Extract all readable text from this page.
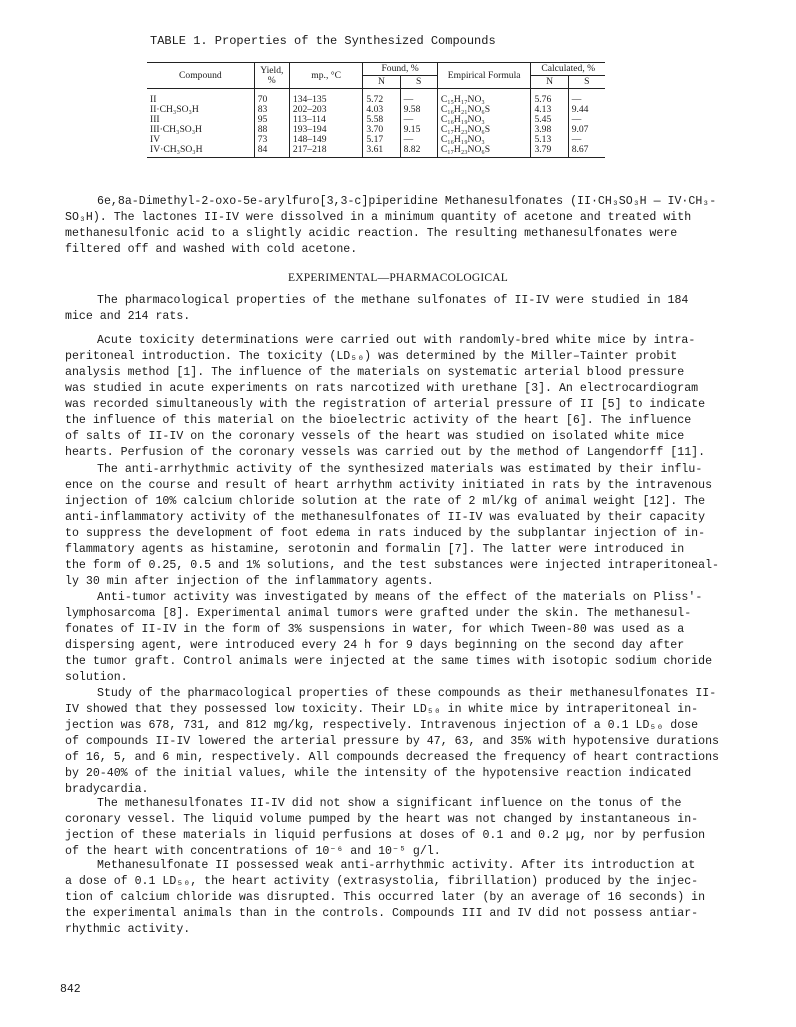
TABLE 1. Properties of the Synthesized Compounds
Compound	Yield, %	mp., °C	Found, %		Empirical Formula	Calculated, %	
			N	S		N	S
II	70	134–135	5.72	—	C₁₅H₁₇NO₃	5.76	—
II·CH₃SO₃H	83	202–203	4.03	9.58	C₁₆H₂₁NO₆S	4.13	9.44
III	95	113–114	5.58	—	C₁₆H₁₉NO₃	5.45	—
III·CH₃SO₃H	88	193–194	3.70	9.15	C₁₇H₂₃NO₆S	3.98	9.07
IV	73	148–149	5.17	—	C₁₆H₁₉NO₃	5.13	—
IV·CH₃SO₃H	84	217–218	3.61	8.82	C₁₇H₂₃NO₆S	3.79	8.67

6e,8a-Dimethyl-2-oxo-5e-arylfuro[3,3-c]piperidine Methanesulfonates (II·CH₃SO₃H — IV·CH₃-

SO₃H). The lactones II-IV were dissolved in a minimum quantity of acetone and treated with

methanesulfonic acid to a slightly acidic reaction. The resulting methanesulfonates were

filtered off and washed with cold acetone.

EXPERIMENTAL—PHARMACOLOGICAL

The pharmacological properties of the methane sulfonates of II-IV were studied in 184

mice and 214 rats.

Acute toxicity determinations were carried out with randomly-bred white mice by intra-

peritoneal introduction. The toxicity (LD₅₀) was determined by the Miller–Tainter probit

analysis method [1]. The influence of the materials on systematic arterial blood pressure

was studied in acute experiments on rats narcotized with urethane [3]. An electrocardiogram

was recorded simultaneously with the registration of arterial pressure of II [5] to indicate

the influence of this material on the bioelectric activity of the heart [6]. The influence

of salts of II-IV on the coronary vessels of the heart was studied on isolated white mice

hearts. Perfusion of the coronary vessels was carried out by the method of Langendorff [11].

The anti-arrhythmic activity of the synthesized materials was estimated by their influ-

ence on the course and result of heart arrhythm activity initiated in rats by the intravenous

injection of 10% calcium chloride solution at the rate of 2 ml/kg of animal weight [12]. The

anti-inflammatory activity of the methanesulfonates of II-IV was evaluated by their capacity

to suppress the development of foot edema in rats induced by the subplantar injection of in-

flammatory agents as histamine, serotonin and formalin [7]. The latter were introduced in

the form of 0.25, 0.5 and 1% solutions, and the test substances were injected intraperitoneal-

ly 30 min after injection of the inflammatory agents.

Anti-tumor activity was investigated by means of the effect of the materials on Pliss'-

lymphosarcoma [8]. Experimental animal tumors were grafted under the skin. The methanesul-

fonates of II-IV in the form of 3% suspensions in water, for which Tween-80 was used as a

dispersing agent, were introduced every 24 h for 9 days beginning on the second day after

the tumor graft. Control animals were injected at the same times with isotopic sodium choride

solution.

Study of the pharmacological properties of these compounds as their methanesulfonates II-

IV showed that they possessed low toxicity. Their LD₅₀ in white mice by intraperitoneal in-

jection was 678, 731, and 812 mg/kg, respectively. Intravenous injection of a 0.1 LD₅₀ dose

of compounds II-IV lowered the arterial pressure by 47, 63, and 35% with hypotensive durations

of 16, 5, and 6 min, respectively. All compounds decreased the frequency of heart contractions

by 20-40% of the initial values, while the intensity of the hypotensive reaction indicated

bradycardia.

The methanesulfonates II-IV did not show a significant influence on the tonus of the

coronary vessel. The liquid volume pumped by the heart was not changed by instantaneous in-

jection of these materials in liquid perfusions at doses of 0.1 and 0.2 µg, nor by perfusion

of the heart with concentrations of 10⁻⁶ and 10⁻⁵ g/l.

Methanesulfonate II possessed weak anti-arrhythmic activity. After its introduction at

a dose of 0.1 LD₅₀, the heart activity (extrasystolia, fibrillation) produced by the injec-

tion of calcium chloride was disrupted. This occurred later (by an average of 16 seconds) in

the experimental animals than in the controls. Compounds III and IV did not possess antiar-

rhythmic activity.

842
